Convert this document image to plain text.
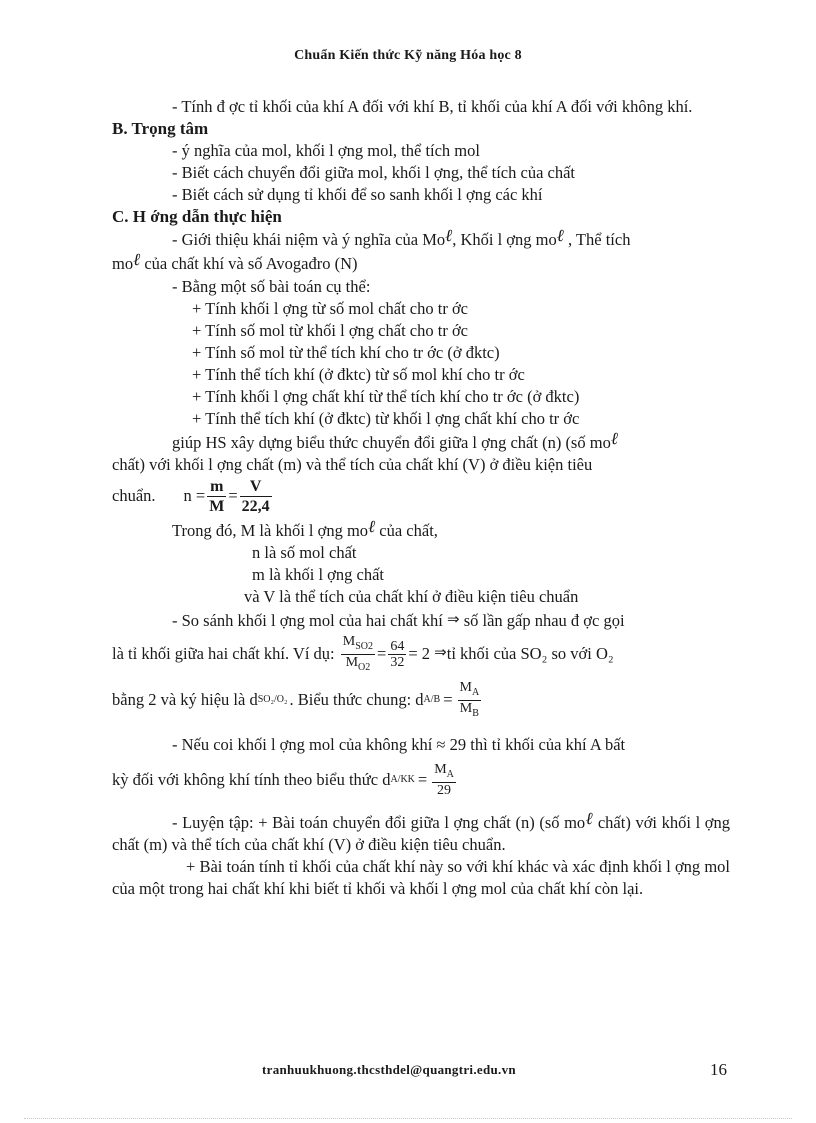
Chuẩn Kiến thức Kỹ năng Hóa học 8

- Tính đ ợc tỉ khối của khí A đối với khí B, tỉ khối của khí A đối với không khí.

B. Trọng tâm

- ý nghĩa của mol, khối l ợng mol, thể tích mol

- Biết cách chuyển đổi giữa mol, khối l ợng, thể tích của chất

- Biết cách sử dụng tỉ khối để so sanh khối l ợng các khí

C. H ớng dẫn thực hiện

- Giới thiệu khái niệm và ý nghĩa của Moℓ, Khối l ợng moℓ , Thể tích
moℓ của chất khí và số Avogađro (N)

- Bằng một số bài toán cụ thể:

+ Tính khối l ợng từ số mol chất cho tr ớc

+ Tính số mol từ khối l ợng chất cho tr ớc

+ Tính số mol từ thể tích khí cho tr ớc (ở đktc)

+ Tính thể tích khí (ở đktc) từ số mol khí cho tr ớc

+ Tính khối l ợng chất khí từ thể tích khí cho tr ớc (ở đktc)

+ Tính thể tích khí (ở đktc) từ khối l ợng chất khí cho tr ớc

giúp HS xây dựng biểu thức chuyển đổi giữa l ợng chất (n) (số moℓ

chất) với khối l ợng chất (m) và thể tích của chất khí (V) ở điều kiện tiêu

chuẩn. $n = \frac{m}{M} = \frac{V}{22,4}$

Trong đó, M là khối l ợng moℓ của chất,

n là số mol chất

m là khối l ợng chất

và V là thể tích của chất khí ở điều kiện tiêu chuẩn

- So sánh khối l ợng mol của hai chất khí ⇒ số lần gấp nhau đ ợc gọi

là tỉ khối giữa hai chất khí. Ví dụ:
$\frac{M_{SO2}}{M_{O2}} = \frac{64}{32} = 2$
⇒ tỉ khối của SO₂ so với O₂

bằng 2 và ký hiệu là d SO₂/O₂ . Biểu thức chung: d $A/B = \frac{M_A}{M_B}$

- Nếu coi khối l ợng mol của không khí ≈ 29 thì tỉ khối của khí A bất

kỳ đối với không khí tính theo biểu thức d $A/KK = \frac{M_A}{29}$

- Luyện tập: + Bài toán chuyển đổi giữa l ợng chất (n) (số moℓ chất) với khối l ợng chất (m) và thể tích của chất khí (V) ở điều kiện tiêu chuẩn.

+ Bài toán tính tỉ khối của chất khí này so với khí khác và xác định khối l ợng mol của một trong hai chất khí khi biết tỉ khối và khối l ợng mol của chất khí còn lại.

tranhuukhuong.thcsthdel@quangtri.edu.vn	16
